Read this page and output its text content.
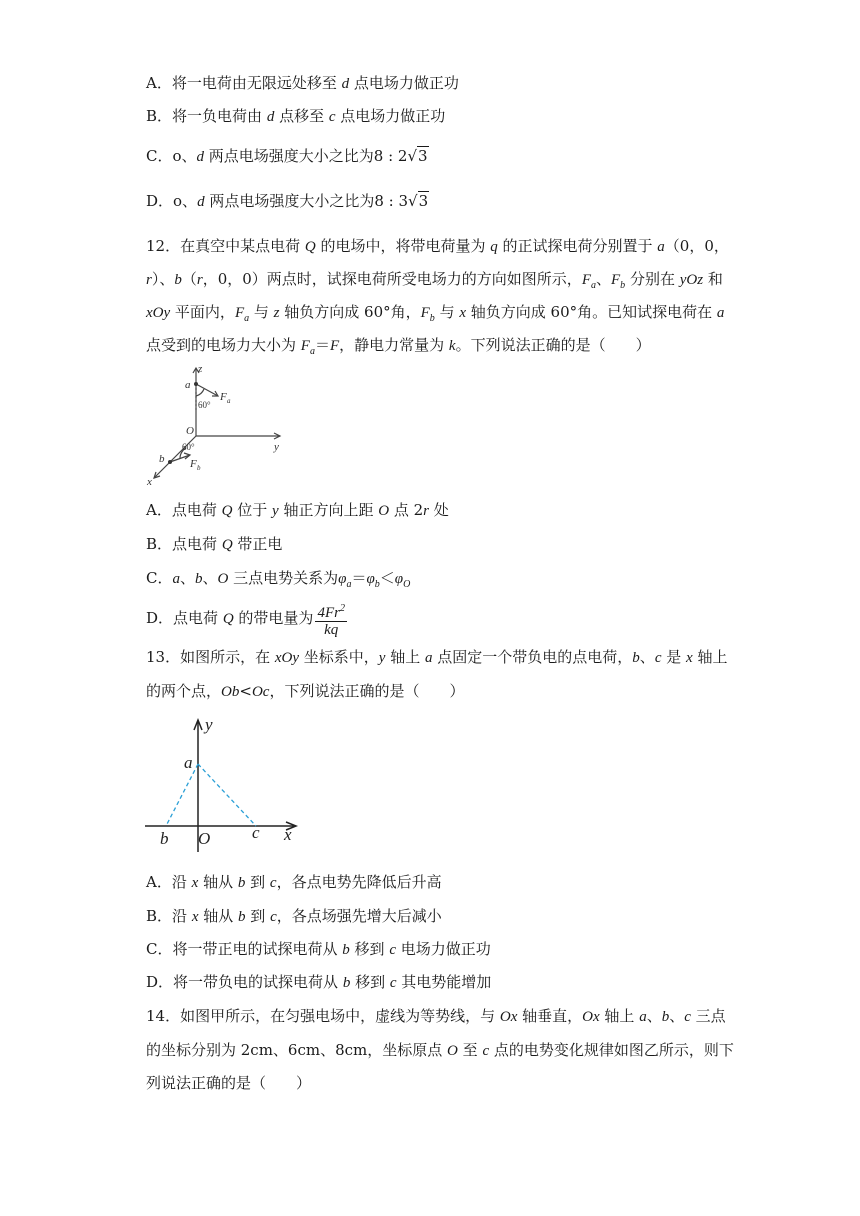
A．将一电荷由无限远处移至 d 点电场力做正功
B．将一负电荷由 d 点移至 c 点电场力做正功
C．o、d 两点电场强度大小之比为8 : 2√3
D．o、d 两点电场强度大小之比为8 : 3√3
12．在真空中某点电荷 Q 的电场中，将带电荷量为 q 的正试探电荷分别置于 a（0，0，
r）、b（r，0，0）两点时，试探电荷所受电场力的方向如图所示，$F_a$、$F_b$ 分别在 yOz 和
xOy 平面内，$F_a$ 与 z 轴负方向成 60°角，$F_b$ 与 x 轴负方向成 60°角。已知试探电荷在 a
点受到的电场力大小为 $F_a=F$，静电力常量为 k。下列说法正确的是（　　）
z
a
F a
60°
O
y
60°
b F b
x
A．点电荷 Q 位于 y 轴正方向上距 O 点 2r 处
B．点电荷 Q 带正电
C．a、b、O 三点电势关系为$\varphi_a=\varphi_b<\varphi_O$
D．点电荷 Q 的带电量为 $\frac{4Fr^2}{kq}$
13．如图所示，在 xOy 坐标系中，y 轴上 a 点固定一个带负电的点电荷，b、c 是 x 轴上
的两个点，Ob<Oc，下列说法正确的是（　　）
y
a
b O c x
A．沿 x 轴从 b 到 c，各点电势先降低后升高
B．沿 x 轴从 b 到 c，各点场强先增大后减小
C．将一带正电的试探电荷从 b 移到 c 电场力做正功
D．将一带负电的试探电荷从 b 移到 c 其电势能增加
14．如图甲所示，在匀强电场中，虚线为等势线，与 Ox 轴垂直，Ox 轴上 a、b、c 三点
的坐标分别为 2cm、6cm、8cm，坐标原点 O 至 c 点的电势变化规律如图乙所示，则下
列说法正确的是（　　）
